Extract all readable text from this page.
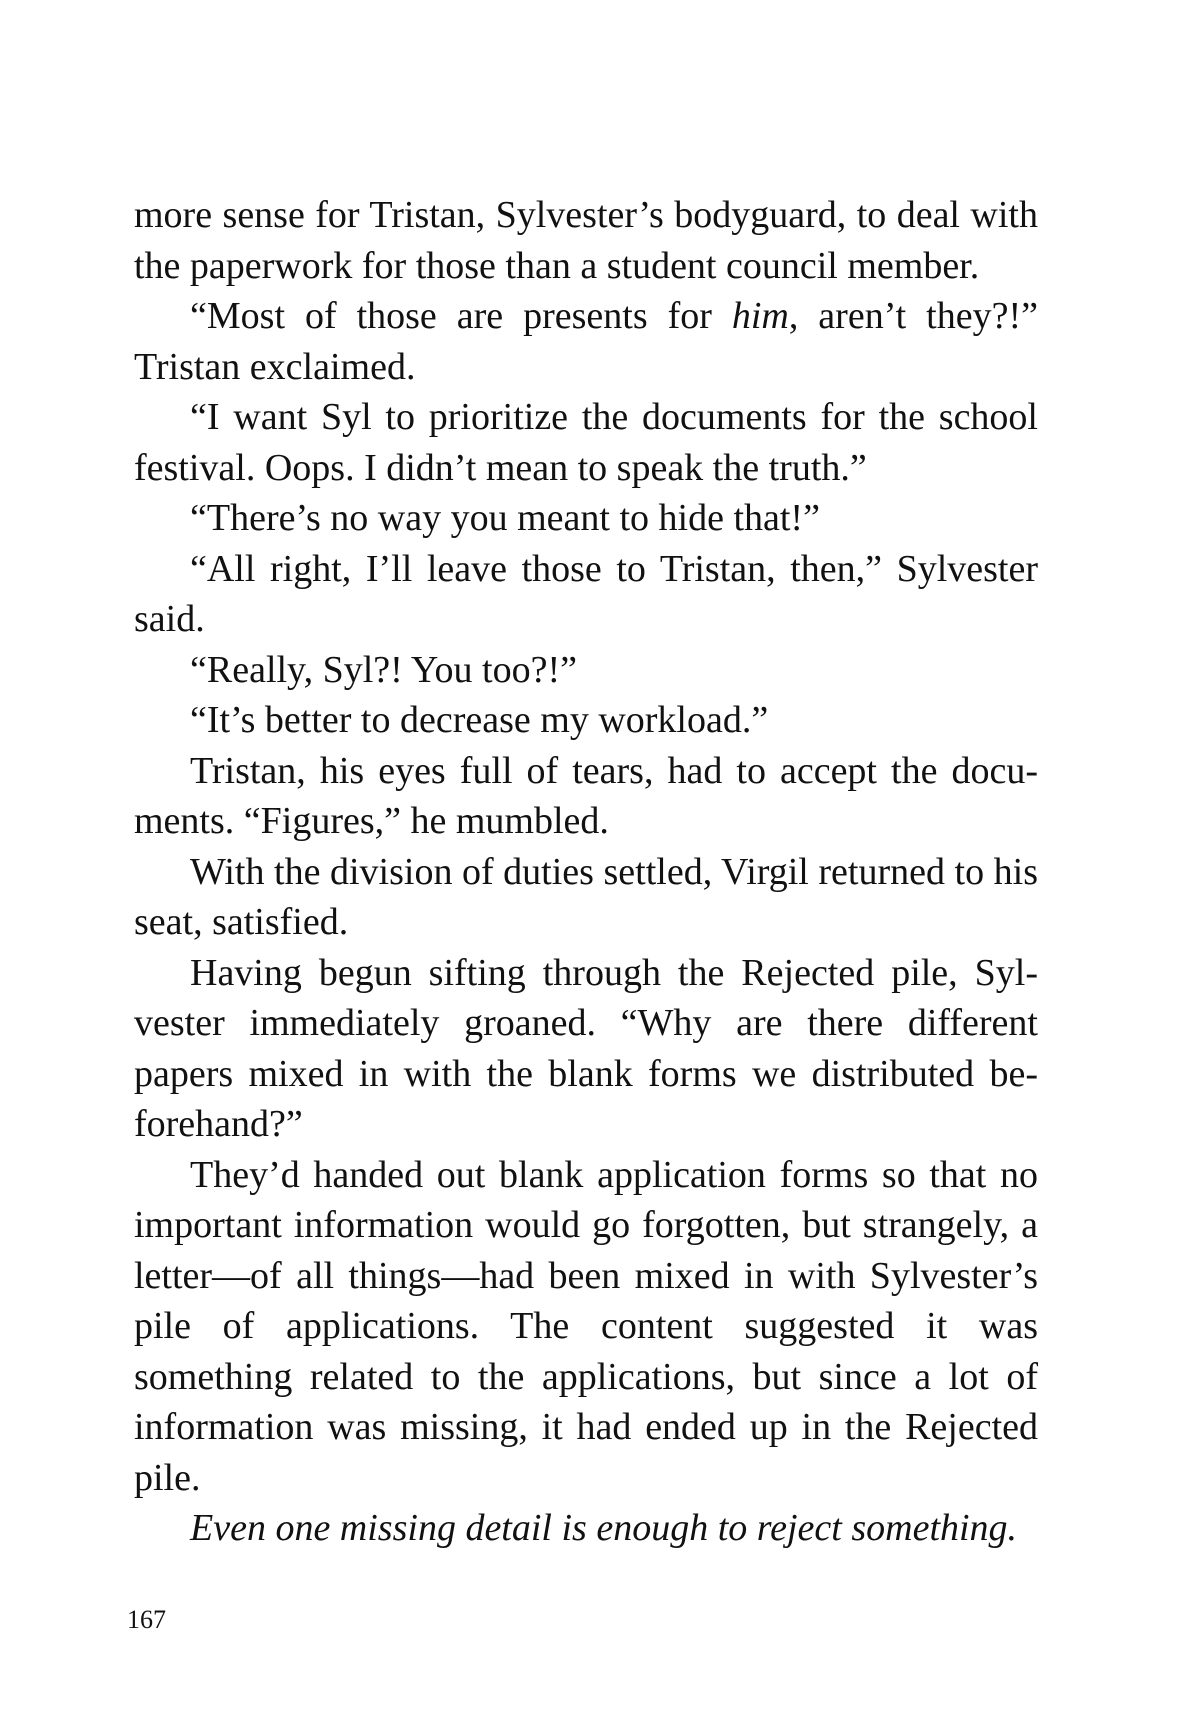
more sense for Tristan, Sylvester’s bodyguard, to deal with the paperwork for those than a student council member.

“Most of those are presents for him, aren’t they?!” Tristan exclaimed.

“I want Syl to prioritize the documents for the school festival. Oops. I didn’t mean to speak the truth.”

“There’s no way you meant to hide that!”

“All right, I’ll leave those to Tristan, then,” Sylvester said.

“Really, Syl?! You too?!”

“It’s better to decrease my workload.”

Tristan, his eyes full of tears, had to accept the documents. “Figures,” he mumbled.

With the division of duties settled, Virgil returned to his seat, satisfied.

Having begun sifting through the Rejected pile, Sylvester immediately groaned. “Why are there different papers mixed in with the blank forms we distributed beforehand?”

They’d handed out blank application forms so that no important information would go forgotten, but strangely, a letter—of all things—had been mixed in with Sylvester’s pile of applications. The content suggested it was something related to the applications, but since a lot of information was missing, it had ended up in the Rejected pile.

Even one missing detail is enough to reject something.

167
